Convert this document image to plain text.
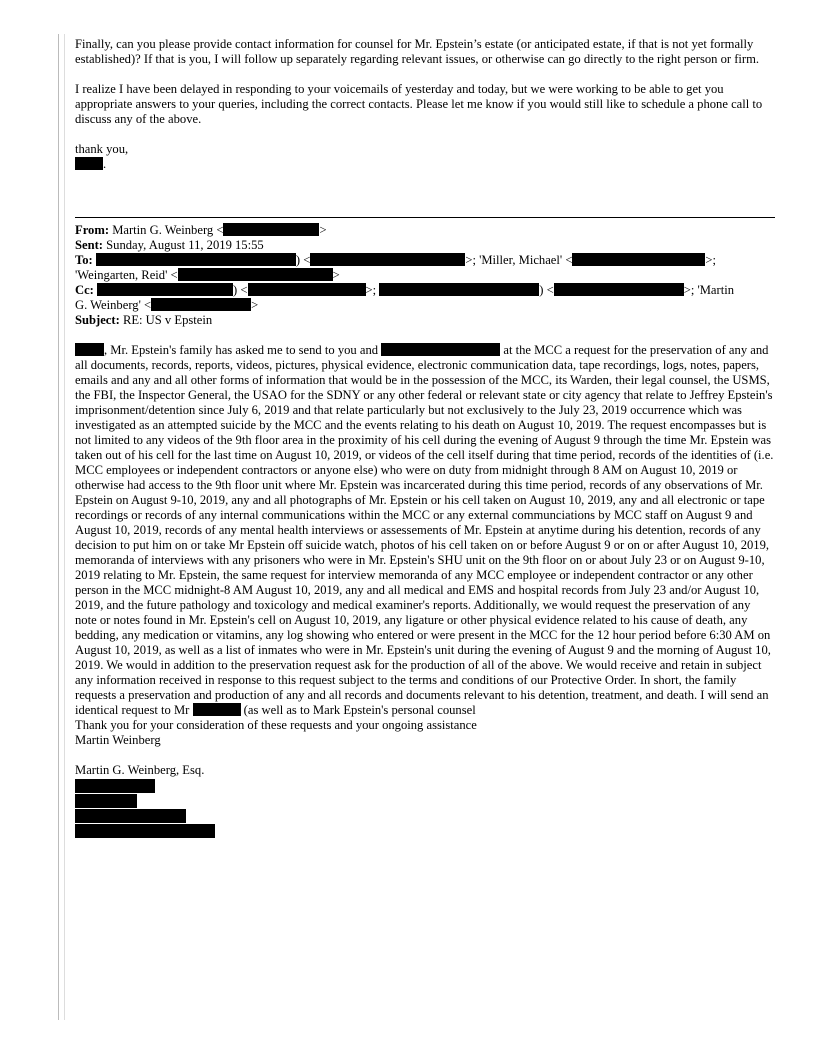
Finally, can you please provide contact information for counsel for Mr. Epstein’s estate (or anticipated estate, if that is not yet formally established)? If that is you, I will follow up separately regarding relevant issues, or otherwise can go directly to the right person or firm.

I realize I have been delayed in responding to your voicemails of yesterday and today, but we were working to be able to get you appropriate answers to your queries, including the correct contacts. Please let me know if you would still like to schedule a phone call to discuss any of the above.

thank you,

.

From: Martin G. Weinberg <	>

Sent: Sunday, August 11, 2019 15:55

To:	) <	>; 'Miller, Michael' <	>;

'Weingarten, Reid' <	>

Cc:	) <	>;	) <	>; 'Martin

G. Weinberg' <	>

Subject: RE: US v Epstein

, Mr. Epstein's family has asked me to send to you and	at the MCC a request for the preservation of any and all documents, records, reports, videos, pictures, physical evidence, electronic communication data, tape recordings, logs, notes, papers, emails and any and all other forms of information that would be in the possession of the MCC, its Warden, their legal counsel, the USMS, the FBI, the Inspector General, the USAO for the SDNY or any other federal or relevant state or city agency that relate to Jeffrey Epstein's imprisonment/detention since July 6, 2019 and that relate particularly but not exclusively to the July 23, 2019 occurrence which was investigated as an attempted suicide by the MCC and the events relating to his death on August 10, 2019. The request encompasses but is not limited to any videos of the 9th floor area in the proximity of his cell during the evening of August 9 through the time Mr. Epstein was taken out of his cell for the last time on August 10, 2019, or videos of the cell itself during that time period, records of the identities of (i.e. MCC employees or independent contractors or anyone else) who were on duty from midnight through 8 AM on August 10, 2019 or otherwise had access to the 9th floor unit where Mr. Epstein was incarcerated during this time period, records of any observations of Mr. Epstein on August 9-10, 2019, any and all photographs of Mr. Epstein or his cell taken on August 10, 2019, any and all electronic or tape recordings or records of any internal communications within the MCC or any external communciations by MCC staff on August 9 and August 10, 2019, records of any mental health interviews or assessements of Mr. Epstein at anytime during his detention, records of any decision to put him on or take Mr Epstein off suicide watch, photos of his cell taken on or before August 9 or on or after August 10, 2019, memoranda of interviews with any prisoners who were in Mr. Epstein's SHU unit on the 9th floor on or about July 23 or on August 9-10, 2019 relating to Mr. Epstein, the same request for interview memoranda of any MCC employee or independent contractor or any other person in the MCC midnight-8 AM August 10, 2019, any and all medical and EMS and hospital records from July 23 and/or August 10, 2019, and the future pathology and toxicology and medical examiner's reports. Additionally, we would request the preservation of any note or notes found in Mr. Epstein's cell on August 10, 2019, any ligature or other physical evidence related to his cause of death, any bedding, any medication or vitamins, any log showing who entered or were present in the MCC for the 12 hour period before 6:30 AM on August 10, 2019, as well as a list of inmates who were in Mr. Epstein's unit during the evening of August 9 and the morning of August 10, 2019. We would in addition to the preservation request ask for the production of all of the above. We would receive and retain in subject any information received in response to this request subject to the terms and conditions of our Protective Order. In short, the family requests a preservation and production of any and all records and documents relevant to his detention, treatment, and death. I will send an identical request to Mr	(as well as to Mark Epstein's personal counsel

Thank you for your consideration of these requests and your ongoing assistance

Martin Weinberg

Martin G. Weinberg, Esq.
